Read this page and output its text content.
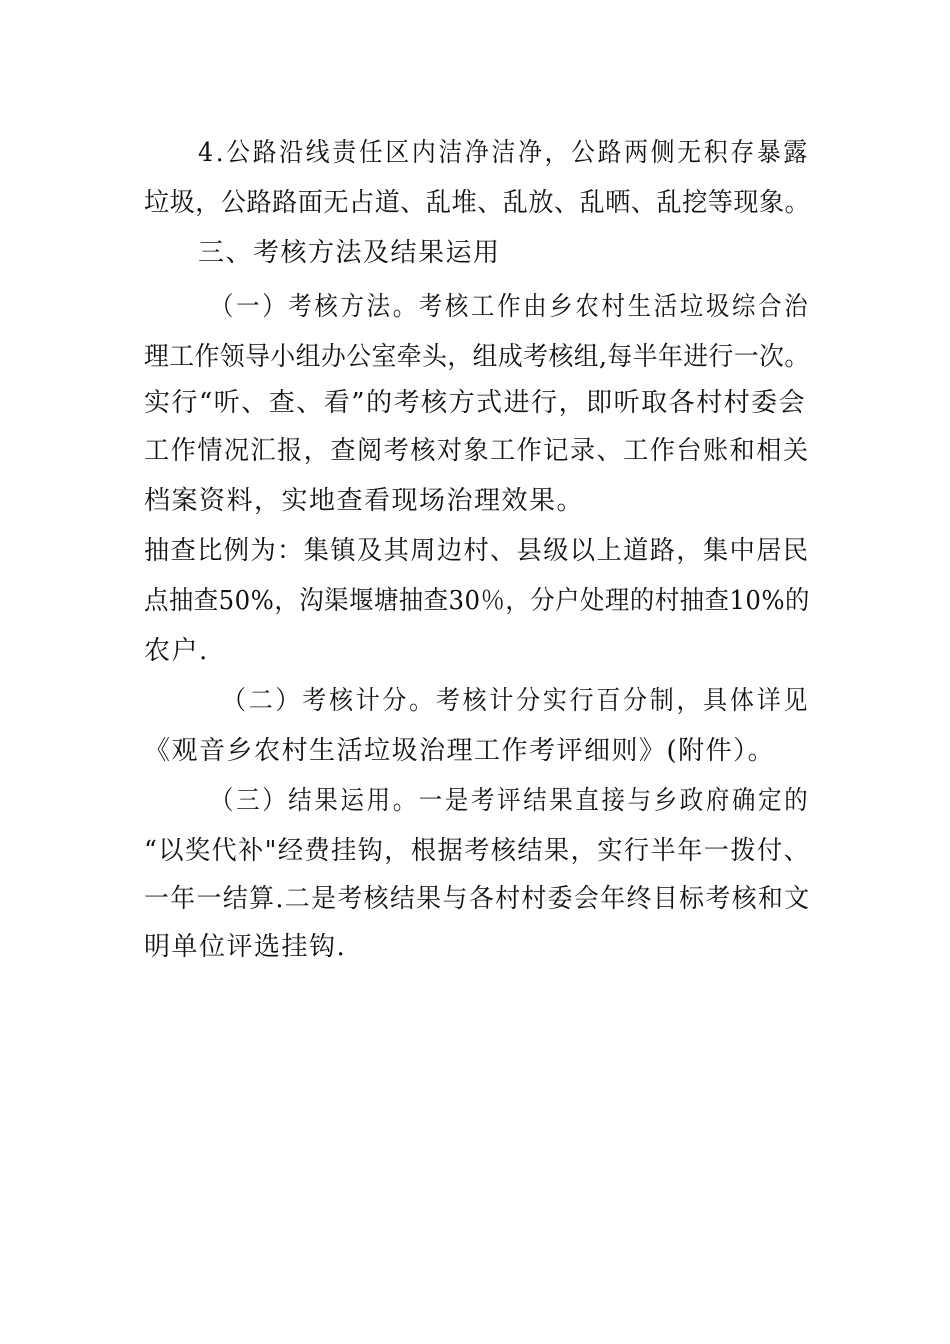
4.公路沿线责任区内洁净洁净，公路两侧无积存暴露
垃圾，公路路面无占道、乱堆、乱放、乱晒、乱挖等现象。
三、考核方法及结果运用
（一）考核方法。考核工作由乡农村生活垃圾综合治
理工作领导小组办公室牵头，组成考核组,每半年进行一次。
实行“听、查、看”的考核方式进行，即听取各村村委会
工作情况汇报，查阅考核对象工作记录、工作台账和相关
档案资料，实地查看现场治理效果。
抽查比例为：集镇及其周边村、县级以上道路，集中居民
点抽查50%，沟渠堰塘抽查30％，分户处理的村抽查10%的
农户.
（二）考核计分。考核计分实行百分制，具体详见
《观音乡农村生活垃圾治理工作考评细则》(附件）。
（三）结果运用。一是考评结果直接与乡政府确定的
“以奖代补"经费挂钩，根据考核结果，实行半年一拨付、
一年一结算.二是考核结果与各村村委会年终目标考核和文
明单位评选挂钩.
